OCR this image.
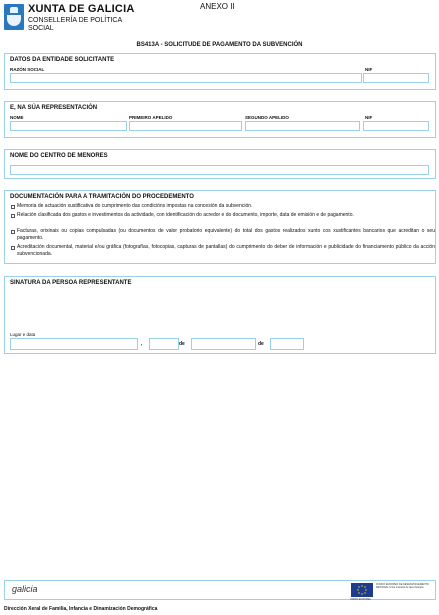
XUNTA DE GALICIA
CONSELLERÍA DE POLÍTICA
SOCIAL
ANEXO II
BS413A - SOLICITUDE DE PAGAMENTO DA SUBVENCIÓN
DATOS DA ENTIDADE SOLICITANTE
RAZÓN SOCIAL	NIF
E, NA SÚA REPRESENTACIÓN
NOME	PRIMEIRO APELIDO	SEGUNDO APELIDO	NIF
NOME DO CENTRO DE MENORES
DOCUMENTACIÓN PARA A TRAMITACIÓN DO PROCEDEMENTO
Memoria de actuación xustificativa do cumprimento das condicións impostas na concesión da subvención.
Relación clasificada dos gastos e investimentos da actividade, con identificación do acredor e do documento, importe, data de emisión e de pagamento.
Facturas, orixinais ou copias compulsadas (ou documentos de valor probatorio equivalente) do total dos gastos realizados xunto cos xustificantes bancarios que acreditan o seu pagamento.
Acreditación documental, material e/ou gráfica (fotografías, fotocopias, capturas de pantallas) do cumprimento do deber de información e publicidade do financiamento público da acción subvencionada.
SINATURA DA PERSOA REPRESENTANTE
Lugar e data
,	de	de
galicia	FONDO EUROPEO DE DESENVOLVEMENTO REXIONAL Unha maneira de facer Europa
UNIÓN EUROPEA
Dirección Xeral de Familia, Infancia e Dinamización Demográfica
